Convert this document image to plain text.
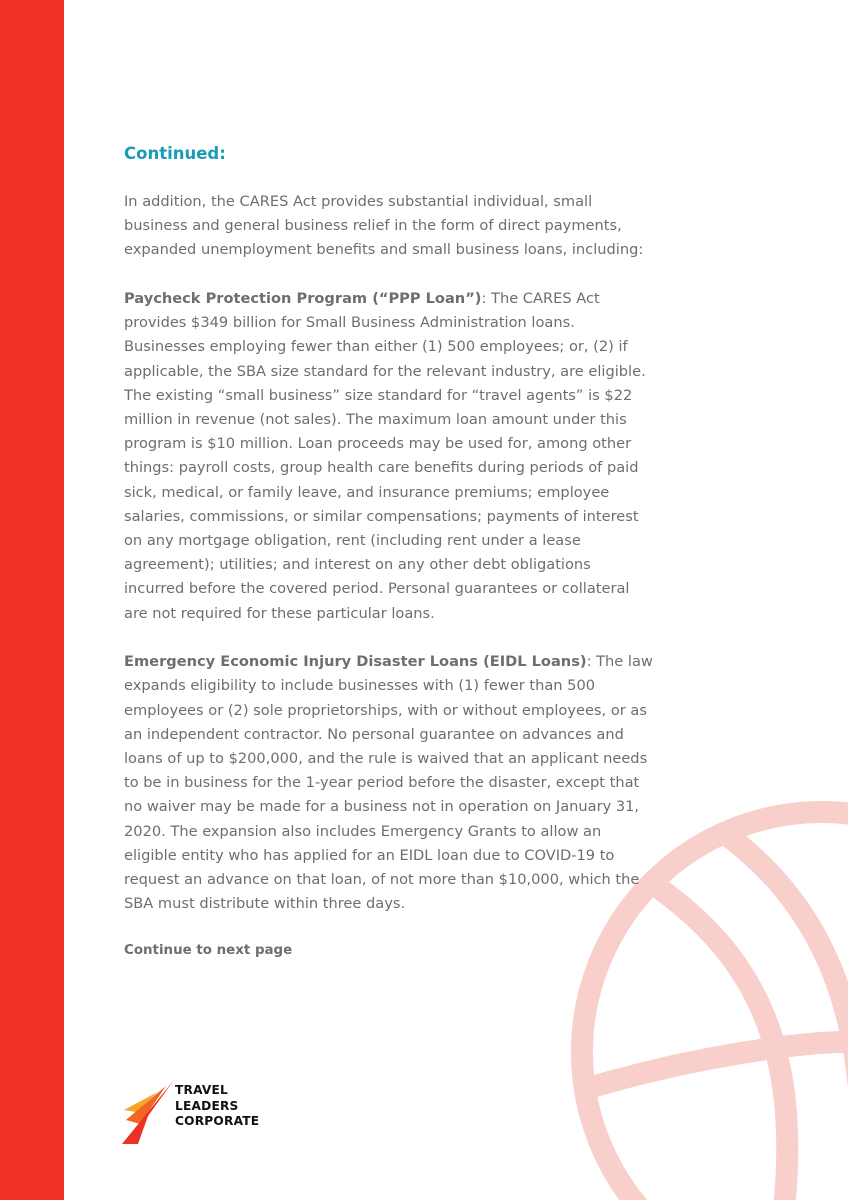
Continued:

In addition, the CARES Act provides substantial individual, small business and general business relief in the form of direct payments, expanded unemployment benefits and small business loans, including:

Paycheck Protection Program (“PPP Loan”): The CARES Act provides $349 billion for Small Business Administration loans. Businesses employing fewer than either (1) 500 employees; or, (2) if applicable, the SBA size standard for the relevant industry, are eligible. The existing “small business” size standard for “travel agents” is $22 million in revenue (not sales). The maximum loan amount under this program is $10 million. Loan proceeds may be used for, among other things: payroll costs, group health care benefits during periods of paid sick, medical, or family leave, and insurance premiums; employee salaries, commissions, or similar compensations; payments of interest on any mortgage obligation, rent (including rent under a lease agreement); utilities; and interest on any other debt obligations incurred before the covered period. Personal guarantees or collateral are not required for these particular loans.

Emergency Economic Injury Disaster Loans (EIDL Loans): The law expands eligibility to include businesses with (1) fewer than 500 employees or (2) sole proprietorships, with or without employees, or as an independent contractor. No personal guarantee on advances and loans of up to $200,000, and the rule is waived that an applicant needs to be in business for the 1-year period before the disaster, except that no waiver may be made for a business not in operation on January 31, 2020. The expansion also includes Emergency Grants to allow an eligible entity who has applied for an EIDL loan due to COVID-19 to request an advance on that loan, of not more than $10,000, which the SBA must distribute within three days.

Continue to next page
TRAVEL
LEADERS
CORPORATE
